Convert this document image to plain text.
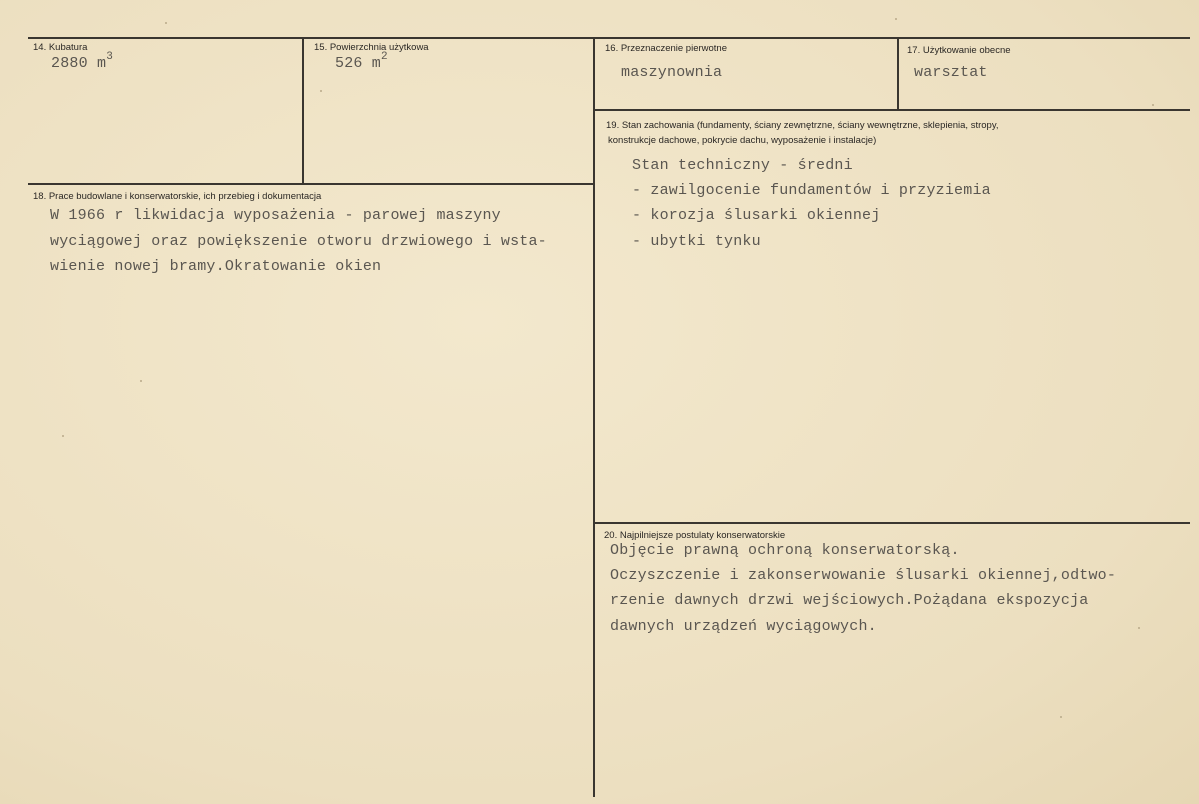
14. Kubatura
2880 $m^3$
15. Powierzchnia użytkowa
526 $m^2$
16. Przeznaczenie pierwotne
maszynownia
17. Użytkowanie obecne
warsztat
19. Stan zachowania (fundamenty, ściany zewnętrzne, ściany wewnętrzne, sklepienia, stropy,
konstrukcje dachowe, pokrycie dachu, wyposażenie i instalacje)
Stan techniczny - średni
- zawilgocenie fundamentów i przyziemia
- korozja ślusarki okiennej
- ubytki tynku
18. Prace budowlane i konserwatorskie, ich przebieg i dokumentacja
W 1966 r likwidacja wyposażenia - parowej maszyny
wyciągowej oraz powiększenie otworu drzwiowego i wsta-
wienie nowej bramy.Okratowanie okien
20. Najpilniejsze postulaty konserwatorskie
Objęcie prawną ochroną konserwatorską.
Oczyszczenie i zakonserwowanie ślusarki okiennej,odtwo-
rzenie dawnych drzwi wejściowych.Pożądana ekspozycja
dawnych urządzeń wyciągowych.
